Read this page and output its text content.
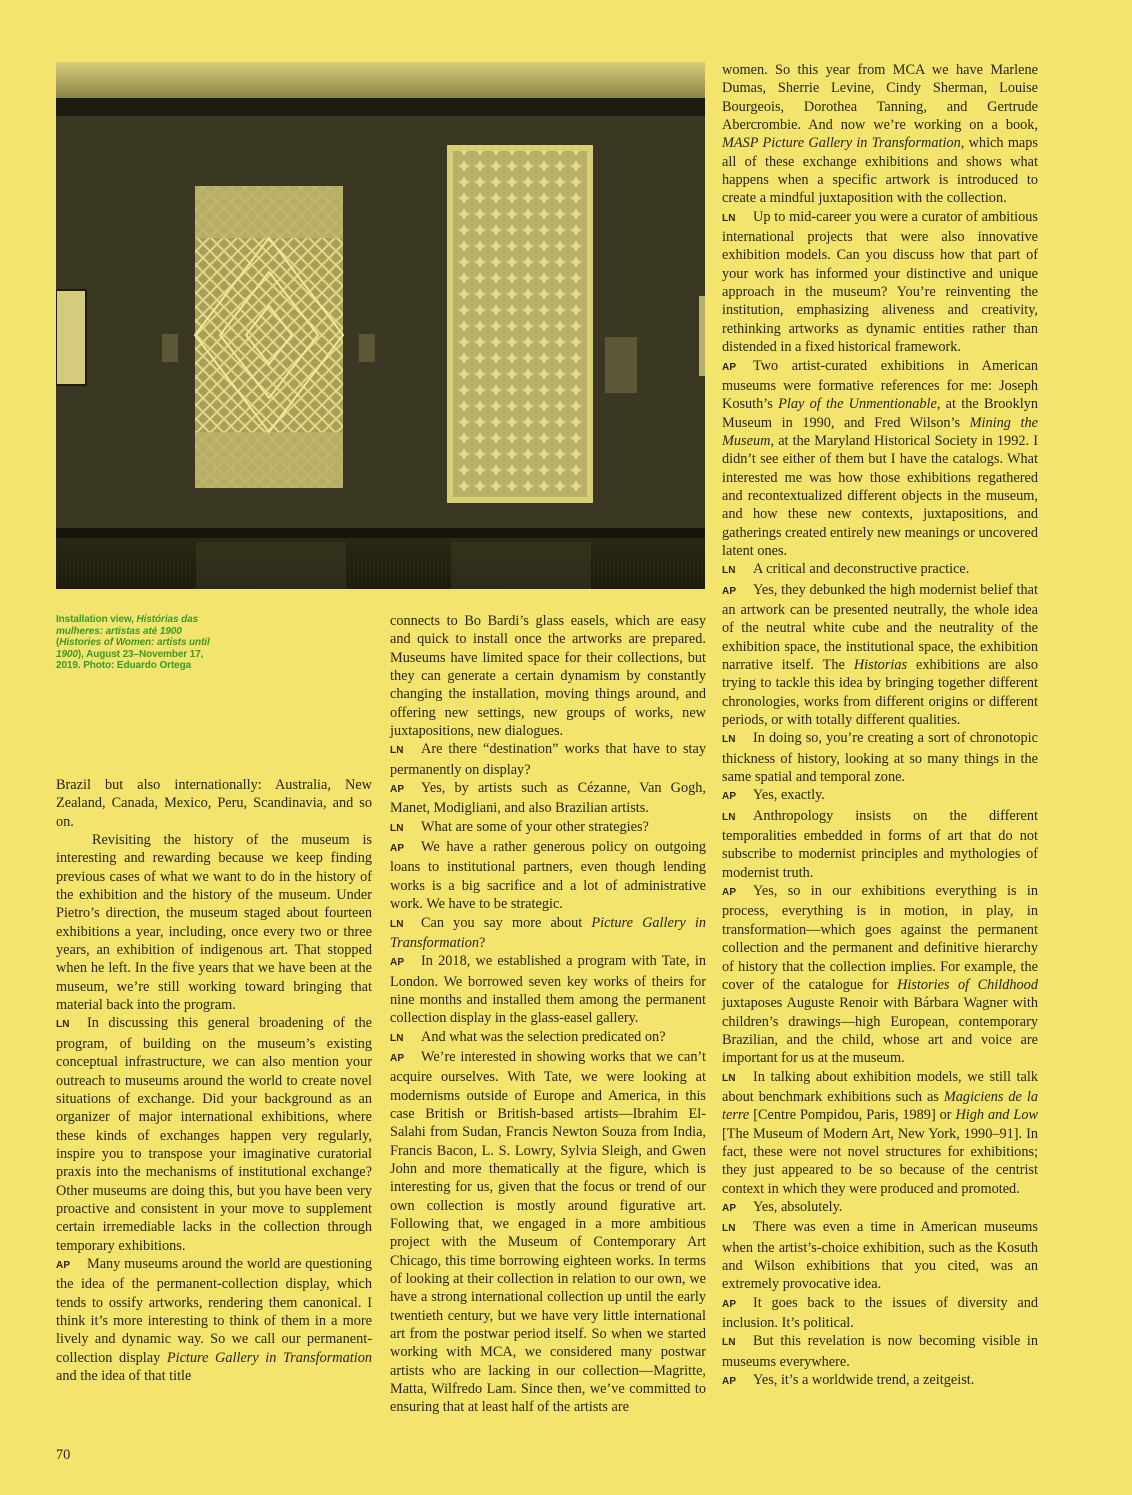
Installation view, Histórias das mulheres: artistas até 1900 (Histories of Women: artists until 1900), August 23–November 17, 2019. Photo: Eduardo Ortega

Brazil but also internationally: Australia, New Zealand, Canada, Mexico, Peru, Scandinavia, and so on.

Revisiting the history of the museum is interesting and rewarding because we keep finding previous cases of what we want to do in the history of the exhibition and the history of the museum. Under Pietro’s direction, the museum staged about fourteen exhibitions a year, including, once every two or three years, an exhibition of indigenous art. That stopped when he left. In the five years that we have been at the museum, we’re still working toward bringing that material back into the program.

LN In discussing this general broadening of the program, of building on the museum’s existing conceptual infrastructure, we can also mention your outreach to museums around the world to create novel situations of exchange. Did your background as an organizer of major international exhibitions, where these kinds of exchanges happen very regularly, inspire you to transpose your imaginative curatorial praxis into the mechanisms of institutional exchange? Other museums are doing this, but you have been very proactive and consistent in your move to supplement certain irremediable lacks in the collection through temporary exhibitions.

AP Many museums around the world are questioning the idea of the permanent-collection display, which tends to ossify artworks, rendering them canonical. I think it’s more interesting to think of them in a more lively and dynamic way. So we call our permanent-collection display Picture Gallery in Transformation and the idea of that title

connects to Bo Bardi’s glass easels, which are easy and quick to install once the artworks are prepared. Museums have limited space for their collections, but they can generate a certain dynamism by constantly changing the installation, moving things around, and offering new settings, new groups of works, new juxtapositions, new dialogues.

LN Are there “destination” works that have to stay permanently on display?

AP Yes, by artists such as Cézanne, Van Gogh, Manet, Modigliani, and also Brazilian artists.

LN What are some of your other strategies?

AP We have a rather generous policy on outgoing loans to institutional partners, even though lending works is a big sacrifice and a lot of administrative work. We have to be strategic.

LN Can you say more about Picture Gallery in Transformation?

AP In 2018, we established a program with Tate, in London. We borrowed seven key works of theirs for nine months and installed them among the permanent collection display in the glass-easel gallery.

LN And what was the selection predicated on?

AP We’re interested in showing works that we can’t acquire ourselves. With Tate, we were looking at modernisms outside of Europe and America, in this case British or British-based artists—Ibrahim El-Salahi from Sudan, Francis Newton Souza from India, Francis Bacon, L. S. Lowry, Sylvia Sleigh, and Gwen John and more thematically at the figure, which is interesting for us, given that the focus or trend of our own collection is mostly around figurative art. Following that, we engaged in a more ambitious project with the Museum of Contemporary Art Chicago, this time borrowing eighteen works. In terms of looking at their collection in relation to our own, we have a strong international collection up until the early twentieth century, but we have very little international art from the postwar period itself. So when we started working with MCA, we considered many postwar artists who are lacking in our collection—Magritte, Matta, Wilfredo Lam. Since then, we’ve committed to ensuring that at least half of the artists are

women. So this year from MCA we have Marlene Dumas, Sherrie Levine, Cindy Sherman, Louise Bourgeois, Dorothea Tanning, and Gertrude Abercrombie. And now we’re working on a book, MASP Picture Gallery in Transformation, which maps all of these exchange exhibitions and shows what happens when a specific artwork is introduced to create a mindful juxtaposition with the collection.

LN Up to mid-career you were a curator of ambitious international projects that were also innovative exhibition models. Can you discuss how that part of your work has informed your distinctive and unique approach in the museum? You’re reinventing the institution, emphasizing aliveness and creativity, rethinking artworks as dynamic entities rather than distended in a fixed historical framework.

AP Two artist-curated exhibitions in American museums were formative references for me: Joseph Kosuth’s Play of the Unmentionable, at the Brooklyn Museum in 1990, and Fred Wilson’s Mining the Museum, at the Maryland Historical Society in 1992. I didn’t see either of them but I have the catalogs. What interested me was how those exhibitions regathered and recontextualized different objects in the museum, and how these new contexts, juxtapositions, and gatherings created entirely new meanings or uncovered latent ones.

LN A critical and deconstructive practice.

AP Yes, they debunked the high modernist belief that an artwork can be presented neutrally, the whole idea of the neutral white cube and the neutrality of the exhibition space, the institutional space, the exhibition narrative itself. The Historias exhibitions are also trying to tackle this idea by bringing together different chronologies, works from different origins or different periods, or with totally different qualities.

LN In doing so, you’re creating a sort of chronotopic thickness of history, looking at so many things in the same spatial and temporal zone.

AP Yes, exactly.

LN Anthropology insists on the different temporalities embedded in forms of art that do not subscribe to modernist principles and mythologies of modernist truth.

AP Yes, so in our exhibitions everything is in process, everything is in motion, in play, in transformation—which goes against the permanent collection and the permanent and definitive hierarchy of history that the collection implies. For example, the cover of the catalogue for Histories of Childhood juxtaposes Auguste Renoir with Bárbara Wagner with children’s drawings—high European, contemporary Brazilian, and the child, whose art and voice are important for us at the museum.

LN In talking about exhibition models, we still talk about benchmark exhibitions such as Magiciens de la terre [Centre Pompidou, Paris, 1989] or High and Low [The Museum of Modern Art, New York, 1990–91]. In fact, these were not novel structures for exhibitions; they just appeared to be so because of the centrist context in which they were produced and promoted.

AP Yes, absolutely.

LN There was even a time in American museums when the artist’s-choice exhibition, such as the Kosuth and Wilson exhibitions that you cited, was an extremely provocative idea.

AP It goes back to the issues of diversity and inclusion. It’s political.

LN But this revelation is now becoming visible in museums everywhere.

AP Yes, it’s a worldwide trend, a zeitgeist.

70
